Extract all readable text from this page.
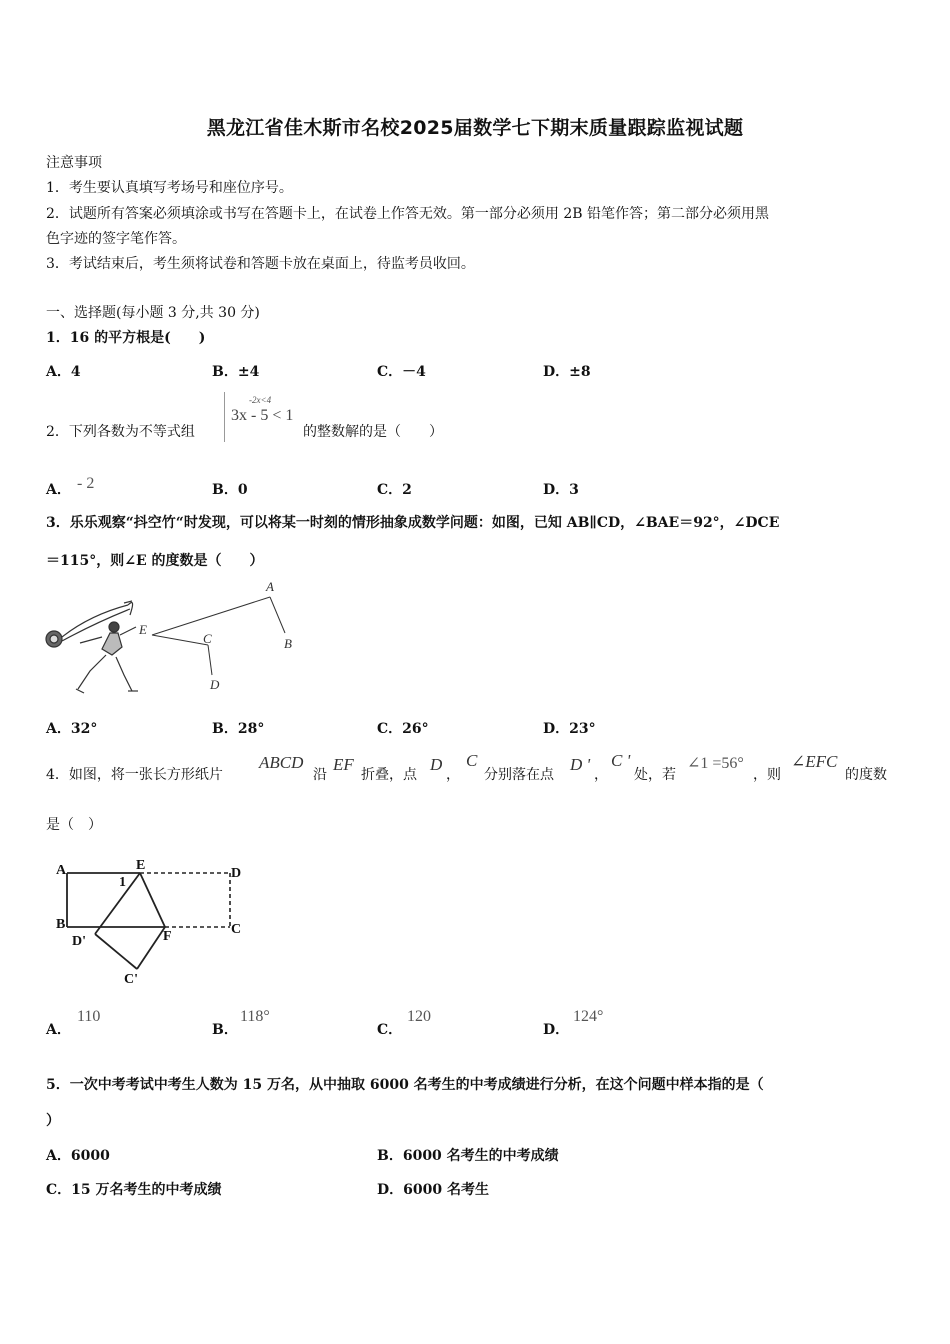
黑龙江省佳木斯市名校2025届数学七下期末质量跟踪监视试题
注意事项
1．考生要认真填写考场号和座位序号。
2．试题所有答案必须填涂或书写在答题卡上，在试卷上作答无效。第一部分必须用 2B 铅笔作答；第二部分必须用黑
色字迹的签字笔作答。
3．考试结束后，考生须将试卷和答题卡放在桌面上，待监考员收回。
一、选择题(每小题 3 分,共 30 分)
1．16 的平方根是(　　)
A．4	B．±4	C．－4	D．±8
2．下列各数为不等式组
-2x<4
3x - 5 < 1
的整数解的是（　　）
A． - 2	B．0	C．2	D．3
3．乐乐观察“抖空竹“时发现，可以将某一时刻的情形抽象成数学问题：如图，已知 AB∥CD，∠BAE＝92°，∠DCE
＝115°，则∠E 的度数是（　　）
A
B
C
D
E
A．32°	B．28°	C．26°	D．23°
4．如图，将一张长方形纸片
ABCD
沿
EF
折叠，点
D
，
C
分别落在点
D '
，
C '
处，若
∠1 =56°
，则
∠EFC
的度数
是（　）
A	E
D
1
B
F	C
D'
C'
A．
110
B．
118°
C．
120
D．
124°
5．一次中考考试中考生人数为 15 万名，从中抽取 6000 名考生的中考成绩进行分析，在这个问题中样本指的是（
）
A．6000	B．6000 名考生的中考成绩
C．15 万名考生的中考成绩	D．6000 名考生
